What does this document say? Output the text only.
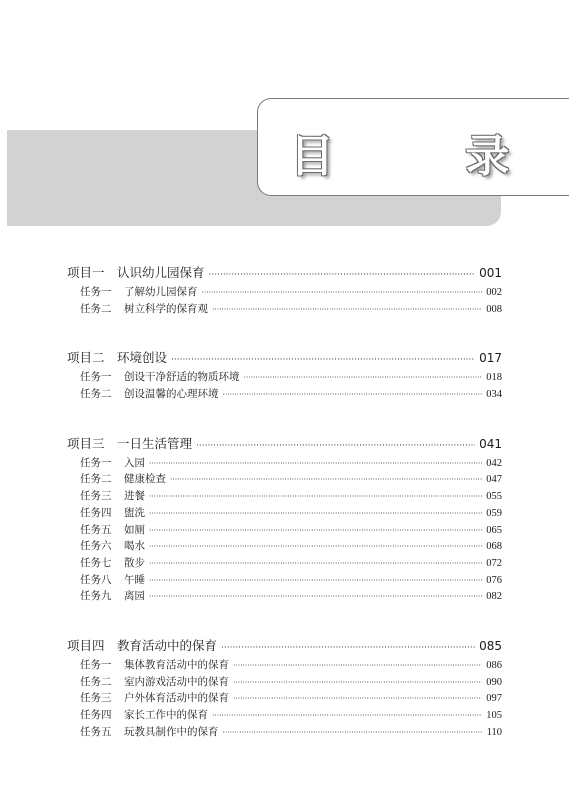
目 录
项目一 认识幼儿园保育 ·····	001
任务一	了解幼儿园保育 ·····	002
任务二	树立科学的保育观 ·····	008
项目二 环境创设 ·····	017
任务一	创设干净舒适的物质环境 ·····	018
任务二	创设温馨的心理环境 ·····	034
项目三 一日生活管理 ·····	041
任务一	入园 ·····	042
任务二	健康检查 ·····	047
任务三	进餐 ·····	055
任务四	盥洗 ·····	059
任务五	如厕 ·····	065
任务六	喝水 ·····	068
任务七	散步 ·····	072
任务八	午睡 ·····	076
任务九	离园 ·····	082
项目四 教育活动中的保育 ·····	085
任务一	集体教育活动中的保育 ·····	086
任务二	室内游戏活动中的保育 ·····	090
任务三	户外体育活动中的保育 ·····	097
任务四	家长工作中的保育 ·····	105
任务五	玩教具制作中的保育 ·····	110
